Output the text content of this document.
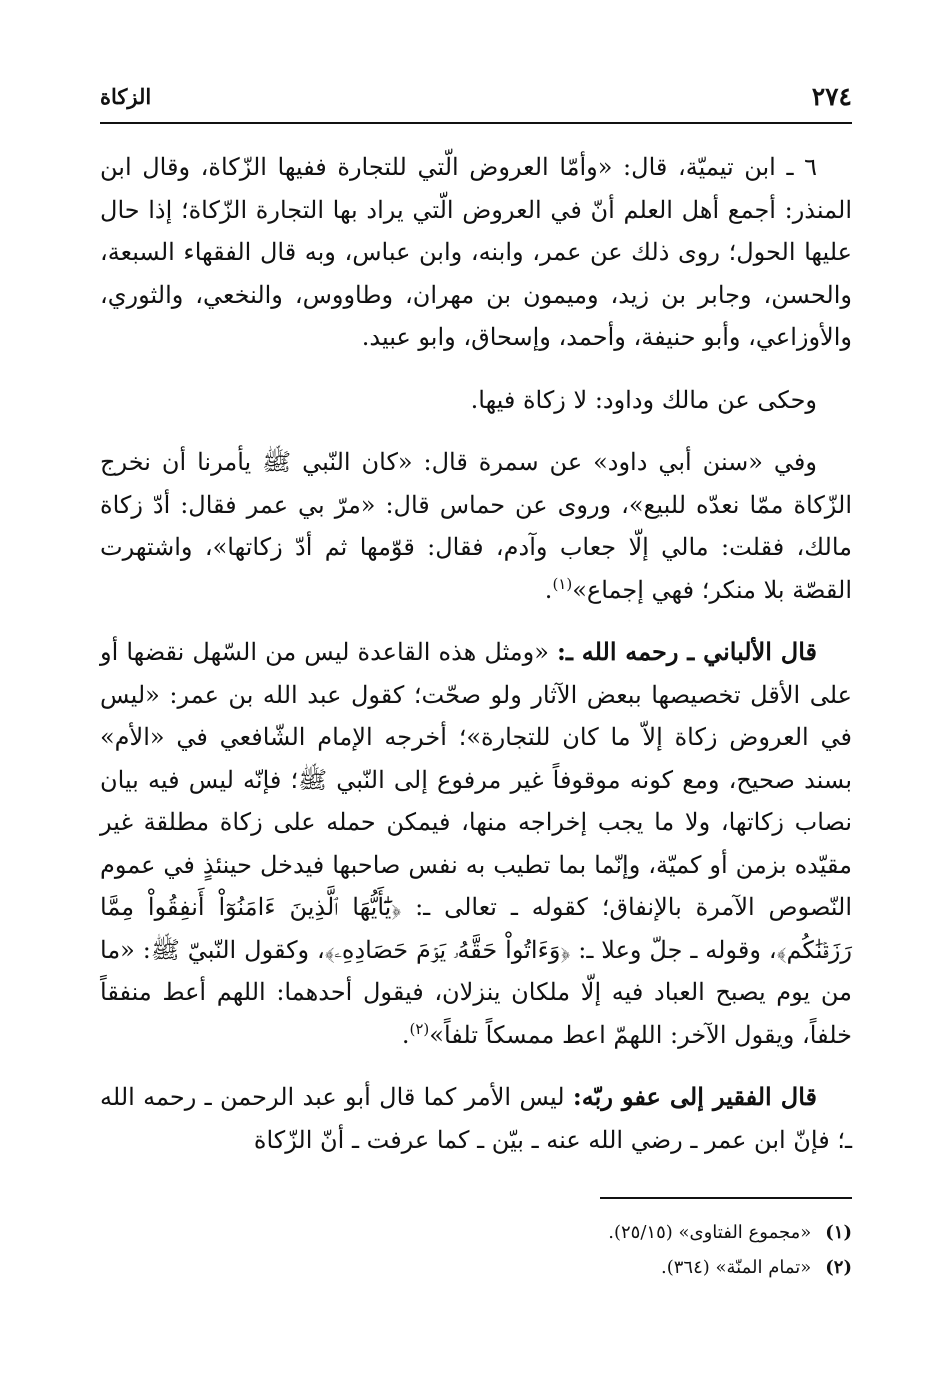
٢٧٤
الزكاة

٦ ـ ابن تيميّة، قال: «وأمّا العروض الّتي للتجارة ففيها الزّكاة، وقال ابن المنذر: أجمع أهل العلم أنّ في العروض الّتي يراد بها التجارة الزّكاة؛ إذا حال عليها الحول؛ روى ذلك عن عمر، وابنه، وابن عباس، وبه قال الفقهاء السبعة، والحسن، وجابر بن زيد، وميمون بن مهران، وطاووس، والنخعي، والثوري، والأوزاعي، وأبو حنيفة، وأحمد، وإسحاق، وابو عبيد.

وحكى عن مالك وداود: لا زكاة فيها.

وفي «سنن أبي داود» عن سمرة قال: «كان النّبي ﷺ يأمرنا أن نخرج الزّكاة ممّا نعدّه للبيع»، وروى عن حماس قال: «مرّ بي عمر فقال: أدّ زكاة مالك، فقلت: مالي إلّا جعاب وآدم، فقال: قوّمها ثم أدّ زكاتها»، واشتهرت القصّة بلا منكر؛ فهي إجماع»$^{(١)}$.

قال الألباني ـ رحمه الله ـ: «ومثل هذه القاعدة ليس من السّهل نقضها أو على الأقل تخصيصها ببعض الآثار ولو صحّت؛ كقول عبد الله بن عمر: «ليس في العروض زكاة إلاّ ما كان للتجارة»؛ أخرجه الإمام الشّافعي في «الأم» بسند صحيح، ومع كونه موقوفاً غير مرفوع إلى النّبي ﷺ؛ فإنّه ليس فيه بيان نصاب زكاتها، ولا ما يجب إخراجه منها، فيمكن حمله على زكاة مطلقة غير مقيّده بزمن أو كميّة، وإنّما بما تطيب به نفس صاحبها فيدخل حينئذٍ في عموم النّصوص الآمرة بالإنفاق؛ كقوله ـ تعالى ـ: ﴿يَٰٓأَيُّهَا ٱلَّذِينَ ءَامَنُوٓاْ أَنفِقُواْ مِمَّا رَزَقۡنَٰكُم﴾، وقوله ـ جلّ وعلا ـ: ﴿وَءَاتُواْ حَقَّهُۥ يَوۡمَ حَصَادِهِۦ﴾، وكقول النّبيّ ﷺ: «ما من يوم يصبح العباد فيه إلّا ملكان ينزلان، فيقول أحدهما: اللهم أعط منفقاً خلفاً، ويقول الآخر: اللهمّ اعط ممسكاً تلفاً»$^{(٢)}$.

قال الفقير إلى عفو ربّه: ليس الأمر كما قال أبو عبد الرحمن ـ رحمه الله ـ؛ فإنّ ابن عمر ـ رضي الله عنه ـ بيّن ـ كما عرفت ـ أنّ الزّكاة

(١)
«مجموع الفتاوى» (٢٥/١٥).

(٢)
«تمام المنّة» (٣٦٤).
